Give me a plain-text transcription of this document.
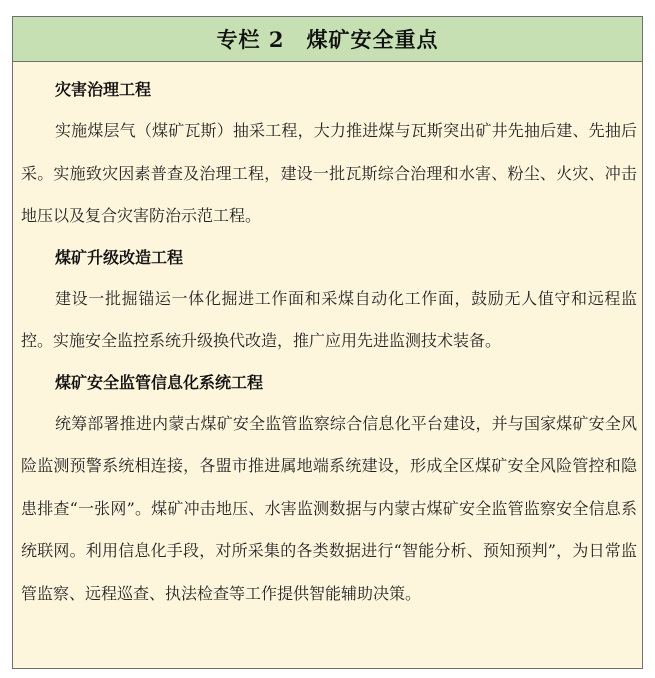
专栏 2　煤矿安全重点
灾害治理工程

实施煤层气（煤矿瓦斯）抽采工程，大力推进煤与瓦斯突出矿井先抽后建、先抽后采。实施致灾因素普查及治理工程，建设一批瓦斯综合治理和水害、粉尘、火灾、冲击地压以及复合灾害防治示范工程。

煤矿升级改造工程

建设一批掘锚运一体化掘进工作面和采煤自动化工作面，鼓励无人值守和远程监控。实施安全监控系统升级换代改造，推广应用先进监测技术装备。

煤矿安全监管信息化系统工程

统筹部署推进内蒙古煤矿安全监管监察综合信息化平台建设，并与国家煤矿安全风险监测预警系统相连接，各盟市推进属地端系统建设，形成全区煤矿安全风险管控和隐患排查“一张网”。煤矿冲击地压、水害监测数据与内蒙古煤矿安全监管监察安全信息系统联网。利用信息化手段，对所采集的各类数据进行“智能分析、预知预判”，为日常监管监察、远程巡查、执法检查等工作提供智能辅助决策。
